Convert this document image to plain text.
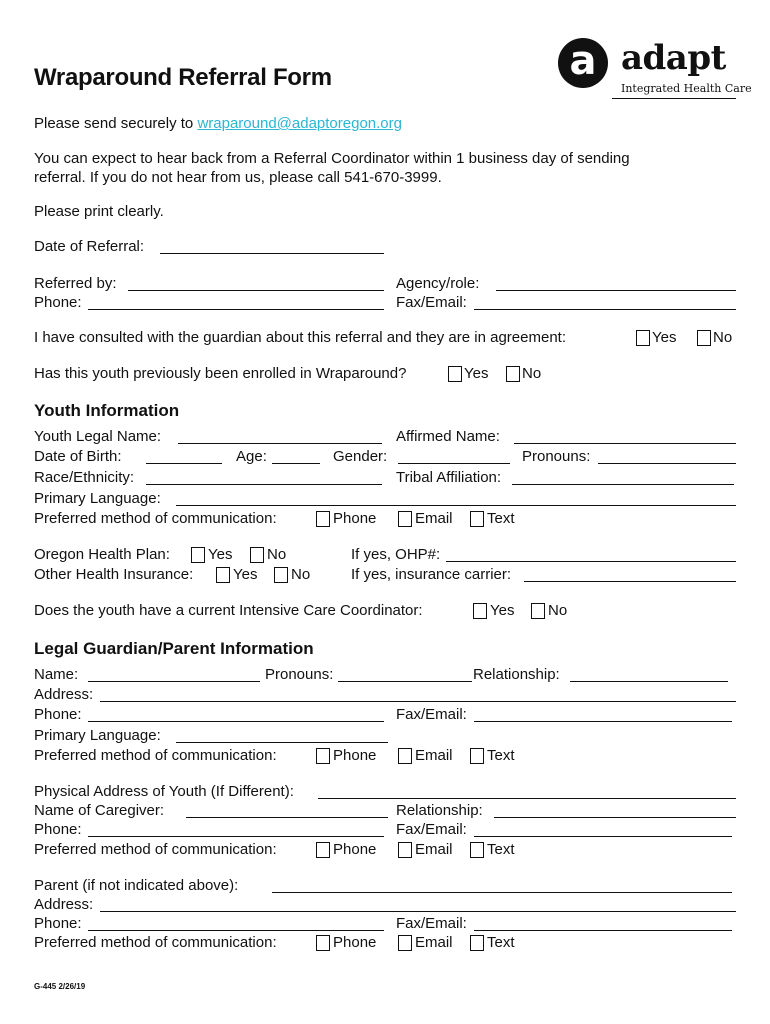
Wraparound Referral Form	a adapt
Integrated Health Care
Please send securely to wraparound@adaptoregon.org
You can expect to hear back from a Referral Coordinator within 1 business day of sending
referral. If you do not hear from us, please call 541-670-3999.
Please print clearly.
Date of Referral:
Referred by:	Agency/role:
Phone:	Fax/Email:
I have consulted with the guardian about this referral and they are in agreement:	Yes No
Has this youth previously been enrolled in Wraparound?	Yes No
Youth Information
Youth Legal Name:	Affirmed Name:
Date of Birth:	Age:	Gender:	Pronouns:
Race/Ethnicity:	Tribal Affiliation:
Primary Language:
Preferred method of communication:	Phone	Email Text
Oregon Health Plan:	Yes No	If yes, OHP#:
Other Health Insurance:	Yes No	If yes, insurance carrier:
Does the youth have a current Intensive Care Coordinator:	Yes No
Legal Guardian/Parent Information
Name:	Pronouns:	Relationship:
Address:
Phone:	Fax/Email:
Primary Language:
Preferred method of communication:	Phone	Email Text
Physical Address of Youth (If Different):
Name of Caregiver:	Relationship:
Phone:	Fax/Email:
Preferred method of communication:	Phone	Email Text
Parent (if not indicated above):
Address:
Phone:	Fax/Email:
Preferred method of communication:	Phone	Email Text
G-445 2/26/19
